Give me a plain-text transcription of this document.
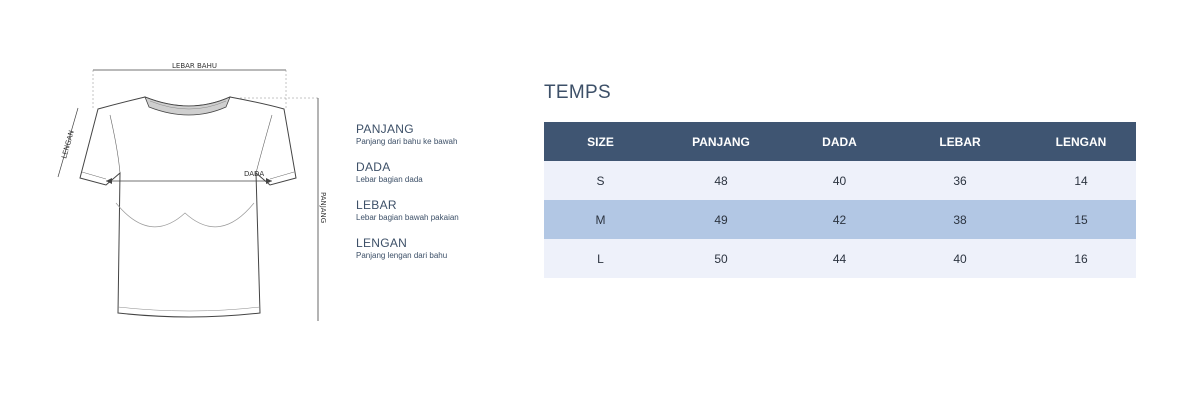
LEBAR BAHU
LENGAN
DADA
PANJANG
PANJANG
Panjang dari bahu ke bawah
DADA
Lebar bagian dada
LEBAR
Lebar bagian bawah pakaian
LENGAN
Panjang lengan dari bahu
TEMPS
SIZE	PANJANG	DADA	LEBAR	LENGAN
S	48	40	36	14
M	49	42	38	15
L	50	44	40	16
